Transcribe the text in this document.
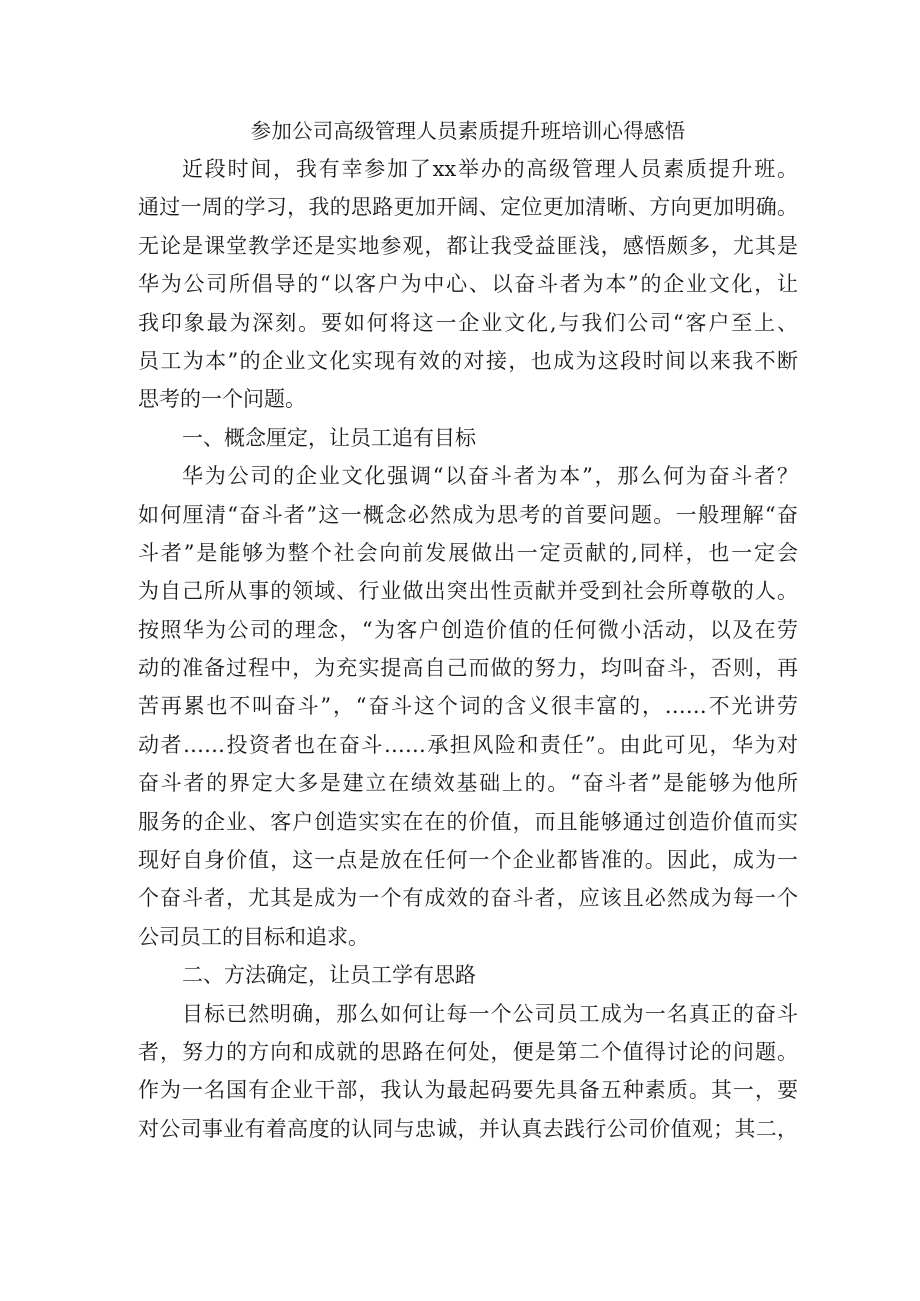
参加公司高级管理人员素质提升班培训心得感悟
近段时间，我有幸参加了xx举办的高级管理人员素质提升班。
通过一周的学习，我的思路更加开阔、定位更加清晰、方向更加明确。
无论是课堂教学还是实地参观，都让我受益匪浅，感悟颇多，尤其是
华为公司所倡导的“以客户为中心、以奋斗者为本”的企业文化，让
我印象最为深刻。要如何将这一企业文化,与我们公司“客户至上、
员工为本”的企业文化实现有效的对接，也成为这段时间以来我不断
思考的一个问题。
一、概念厘定，让员工追有目标
华为公司的企业文化强调“以奋斗者为本”，那么何为奋斗者？
如何厘清“奋斗者”这一概念必然成为思考的首要问题。一般理解“奋
斗者”是能够为整个社会向前发展做出一定贡献的,同样，也一定会
为自己所从事的领域、行业做出突出性贡献并受到社会所尊敬的人。
按照华为公司的理念，“为客户创造价值的任何微小活动，以及在劳
动的准备过程中，为充实提高自己而做的努力，均叫奋斗，否则，再
苦再累也不叫奋斗”，“奋斗这个词的含义很丰富的，……不光讲劳
动者……投资者也在奋斗……承担风险和责任”。由此可见，华为对
奋斗者的界定大多是建立在绩效基础上的。“奋斗者”是能够为他所
服务的企业、客户创造实实在在的价值，而且能够通过创造价值而实
现好自身价值，这一点是放在任何一个企业都皆准的。因此，成为一
个奋斗者，尤其是成为一个有成效的奋斗者，应该且必然成为每一个
公司员工的目标和追求。
二、方法确定，让员工学有思路
目标已然明确，那么如何让每一个公司员工成为一名真正的奋斗
者，努力的方向和成就的思路在何处，便是第二个值得讨论的问题。
作为一名国有企业干部，我认为最起码要先具备五种素质。其一，要
对公司事业有着高度的认同与忠诚，并认真去践行公司价值观；其二，
